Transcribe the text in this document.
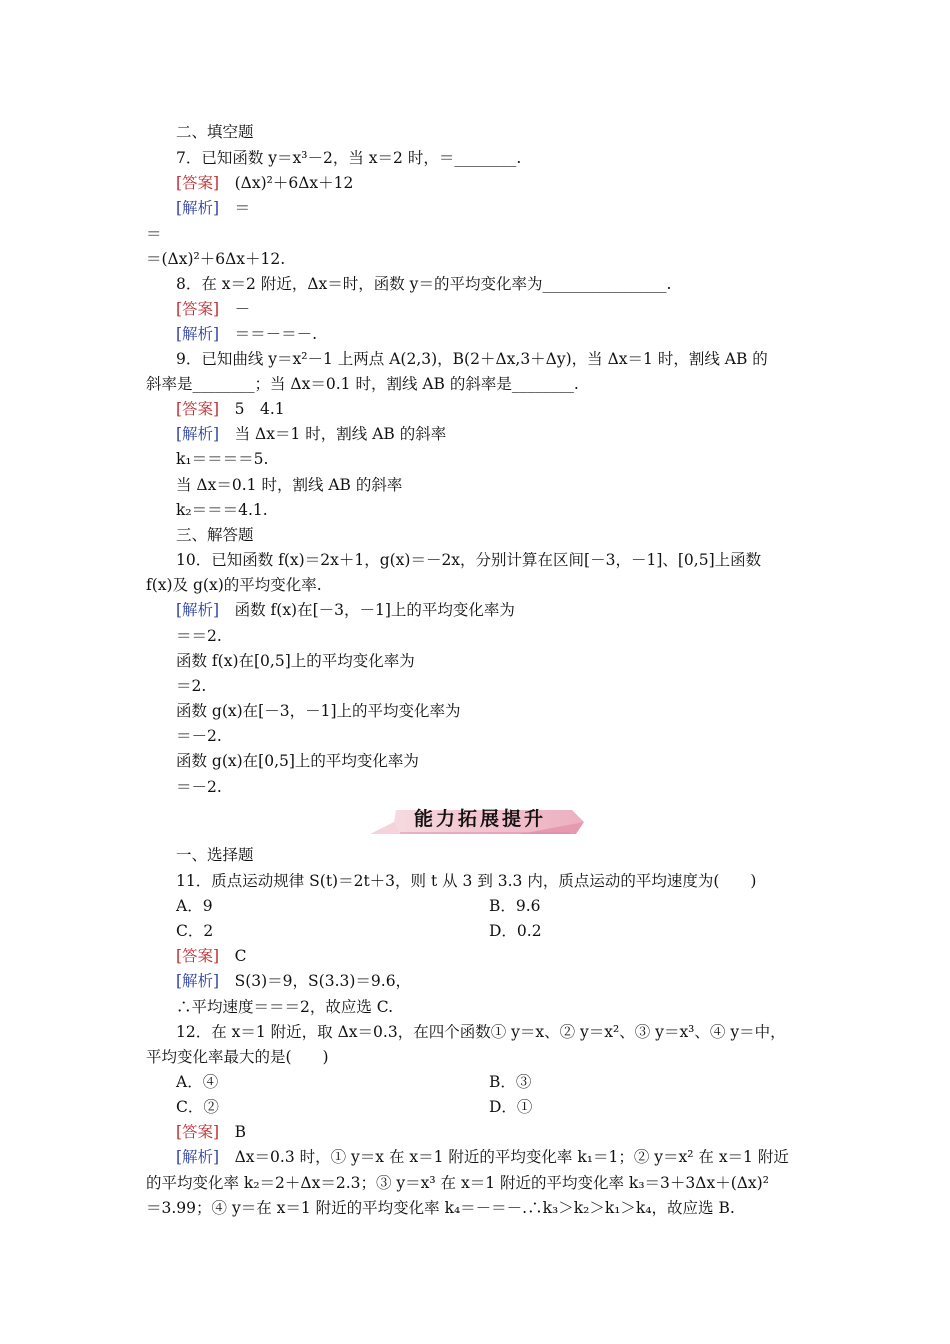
二、填空题
7．已知函数 y＝x³－2，当 x＝2 时，＝________.
[答案]　(Δx)²＋6Δx＋12
[解析]　＝
＝
＝(Δx)²＋6Δx＋12.
8．在 x＝2 附近，Δx＝时，函数 y＝的平均变化率为________________.
[答案]　－
[解析]　＝＝－＝－.
9．已知曲线 y＝x²－1 上两点 A(2,3)，B(2＋Δx,3＋Δy)，当 Δx＝1 时，割线 AB 的
斜率是________；当 Δx＝0.1 时，割线 AB 的斜率是________.
[答案]　5　4.1
[解析]　当 Δx＝1 时，割线 AB 的斜率
k₁＝＝＝＝5.
当 Δx＝0.1 时，割线 AB 的斜率
k₂＝＝＝4.1.
三、解答题
10．已知函数 f(x)＝2x＋1，g(x)＝－2x，分别计算在区间[－3，－1]、[0,5]上函数
f(x)及 g(x)的平均变化率.
[解析]　函数 f(x)在[－3，－1]上的平均变化率为
＝＝2.
函数 f(x)在[0,5]上的平均变化率为
＝2.
函数 g(x)在[－3，－1]上的平均变化率为
＝－2.
函数 g(x)在[0,5]上的平均变化率为
＝－2.
能力拓展提升
一、选择题
11．质点运动规律 S(t)＝2t＋3，则 t 从 3 到 3.3 内，质点运动的平均速度为(　　)
A．9	B．9.6
C．2	D．0.2
[答案]　C
[解析]　S(3)＝9，S(3.3)＝9.6，
∴平均速度＝＝＝2，故应选 C.
12．在 x＝1 附近，取 Δx＝0.3，在四个函数① y＝x、② y＝x²、③ y＝x³、④ y＝中，
平均变化率最大的是(　　)
A．④	B．③
C．②	D．①
[答案]　B
[解析]　Δx＝0.3 时，① y＝x 在 x＝1 附近的平均变化率 k₁＝1；② y＝x² 在 x＝1 附近
的平均变化率 k₂＝2＋Δx＝2.3；③ y＝x³ 在 x＝1 附近的平均变化率 k₃＝3＋3Δx＋(Δx)²
＝3.99；④ y＝在 x＝1 附近的平均变化率 k₄＝－＝－.∴k₃＞k₂＞k₁＞k₄，故应选 B.
